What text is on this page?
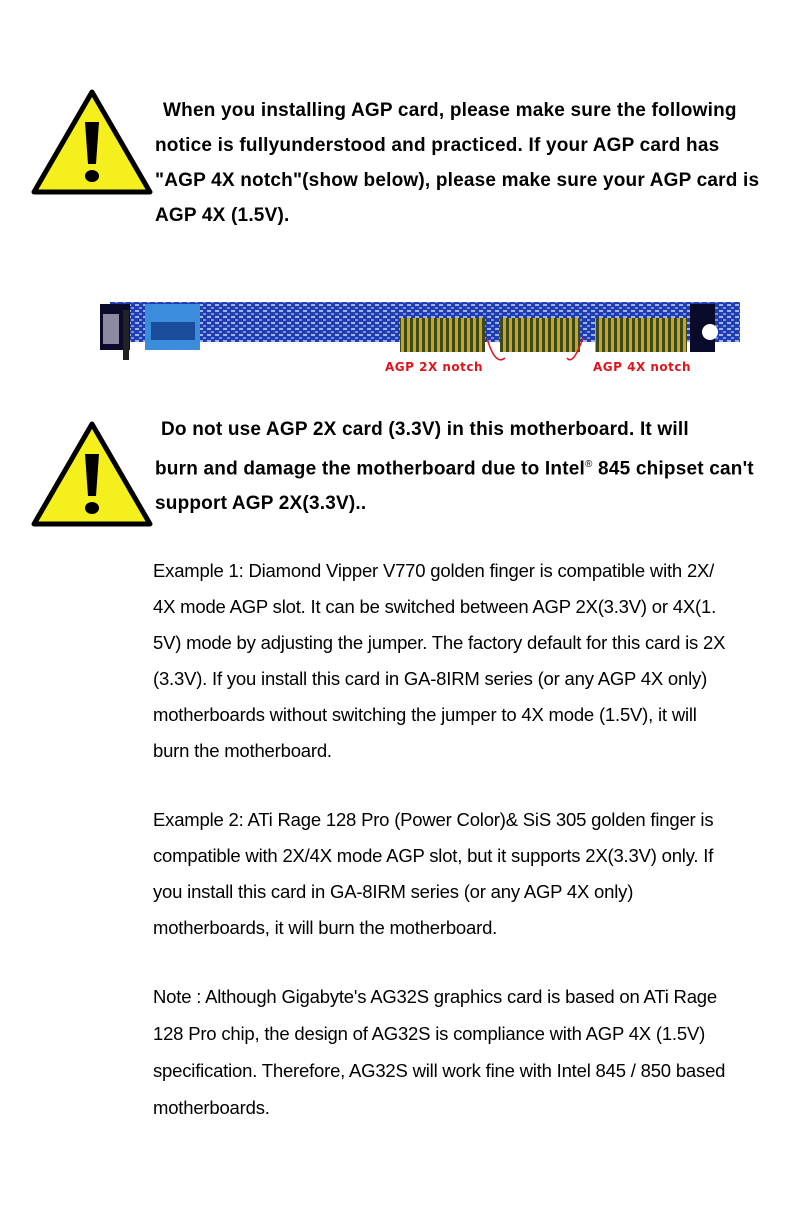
When you installing AGP card, please make sure the following
notice is fullyunderstood and practiced. If your AGP card has
"AGP 4X notch"(show below), please make sure your AGP card is
AGP 4X (1.5V).
AGP 2X notch	AGP 4X notch
Do not use AGP 2X card (3.3V) in this motherboard. It will
burn and damage the motherboard due to Intel® 845 chipset can't
support AGP 2X(3.3V)..
Example 1: Diamond Vipper V770 golden finger is compatible with 2X/
4X mode AGP slot. It can be switched between AGP 2X(3.3V) or 4X(1.
5V) mode by adjusting the jumper. The factory default for this card is 2X
(3.3V). If you install this card in GA-8IRM series (or any AGP 4X only)
motherboards without switching the jumper to 4X mode (1.5V), it will
burn the motherboard.
Example 2: ATi Rage 128 Pro (Power Color)& SiS 305 golden finger is
compatible with 2X/4X mode AGP slot, but it supports 2X(3.3V) only. If
you install this card in GA-8IRM series (or any AGP 4X only)
motherboards, it will burn the motherboard.
Note : Although Gigabyte's AG32S graphics card is based on ATi Rage
128 Pro chip, the design of AG32S is compliance with AGP 4X (1.5V)
specification. Therefore, AG32S will work fine with Intel 845 / 850 based
motherboards.
